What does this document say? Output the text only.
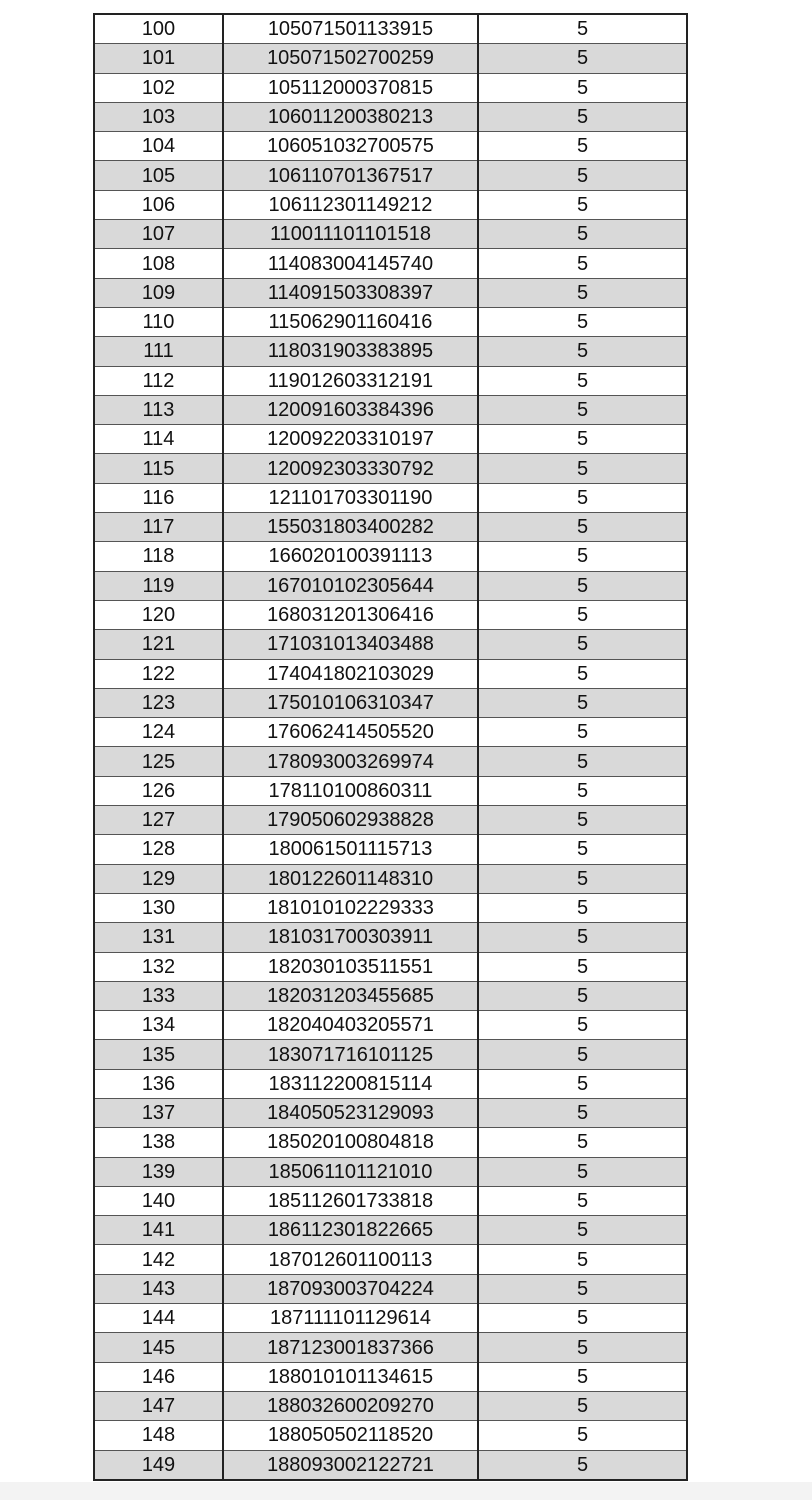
100	105071501133915	5
101	105071502700259	5
102	105112000370815	5
103	106011200380213	5
104	106051032700575	5
105	106110701367517	5
106	106112301149212	5
107	110011101101518	5
108	114083004145740	5
109	114091503308397	5
110	115062901160416	5
111	118031903383895	5
112	119012603312191	5
113	120091603384396	5
114	120092203310197	5
115	120092303330792	5
116	121101703301190	5
117	155031803400282	5
118	166020100391113	5
119	167010102305644	5
120	168031201306416	5
121	171031013403488	5
122	174041802103029	5
123	175010106310347	5
124	176062414505520	5
125	178093003269974	5
126	178110100860311	5
127	179050602938828	5
128	180061501115713	5
129	180122601148310	5
130	181010102229333	5
131	181031700303911	5
132	182030103511551	5
133	182031203455685	5
134	182040403205571	5
135	183071716101125	5
136	183112200815114	5
137	184050523129093	5
138	185020100804818	5
139	185061101121010	5
140	185112601733818	5
141	186112301822665	5
142	187012601100113	5
143	187093003704224	5
144	187111101129614	5
145	187123001837366	5
146	188010101134615	5
147	188032600209270	5
148	188050502118520	5
149	188093002122721	5
